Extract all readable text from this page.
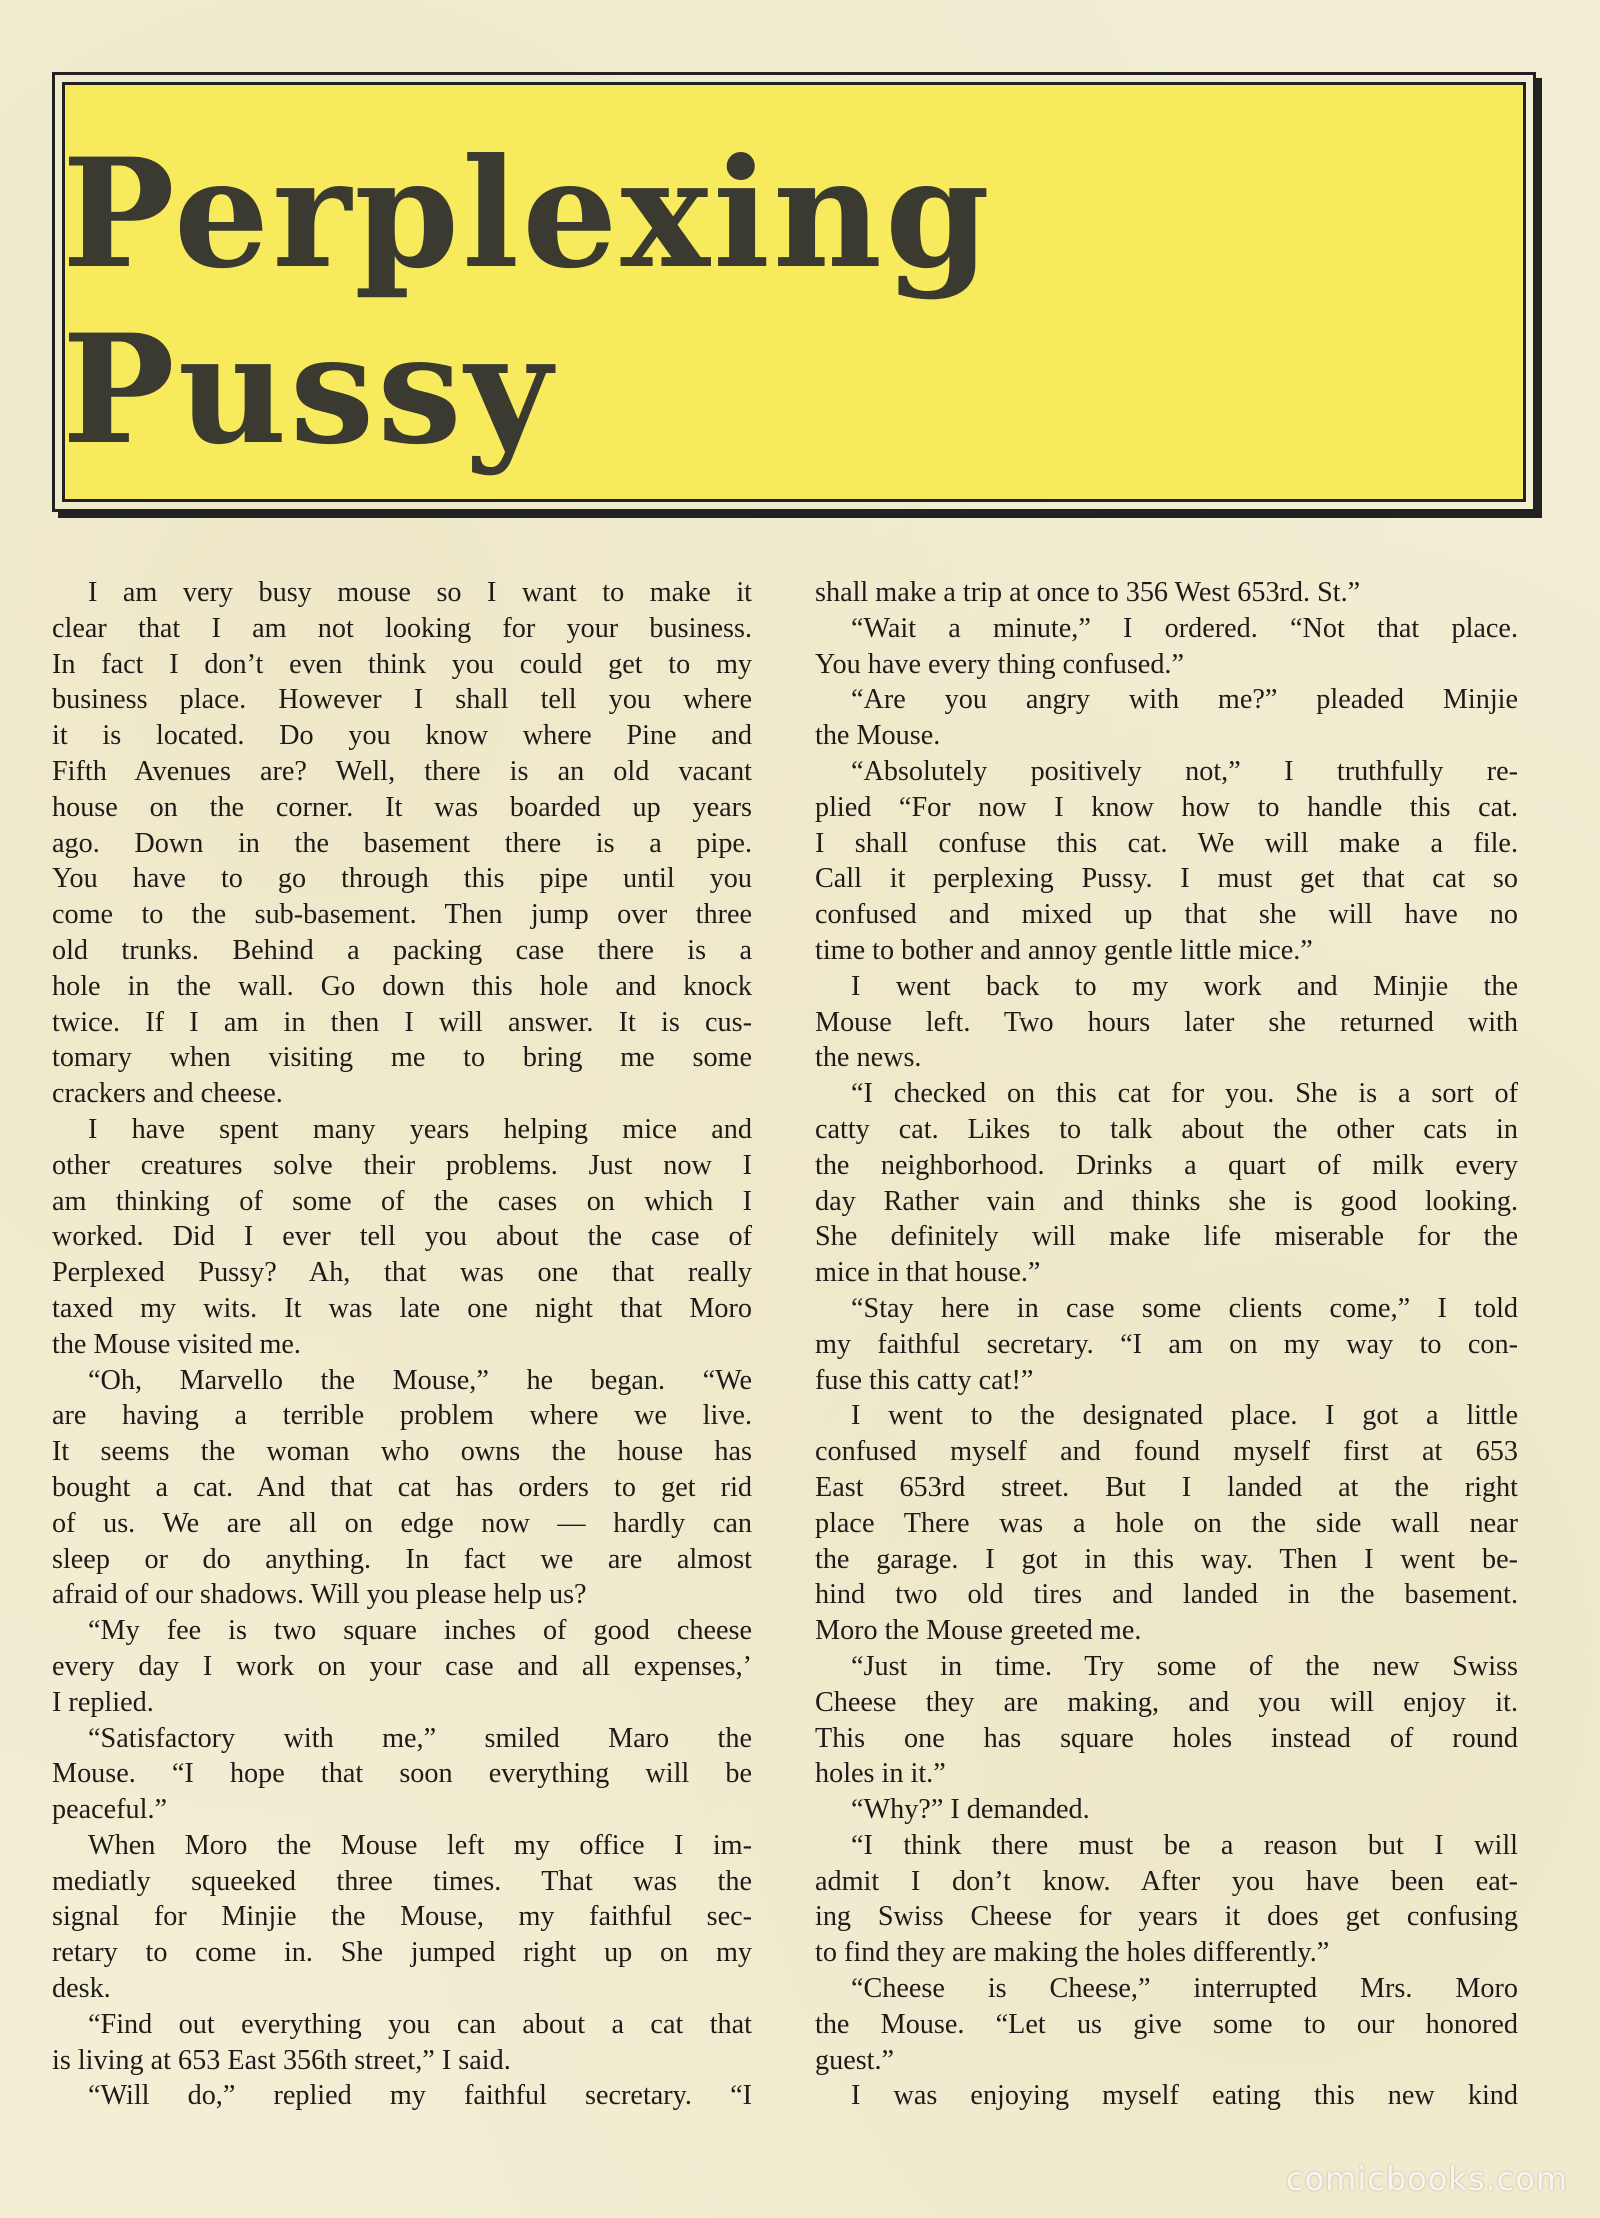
Perplexing Pussy
I am very busy mouse so I want to make it
clear that I am not looking for your business.
In fact I don’t even think you could get to my
business place. However I shall tell you where
it is located. Do you know where Pine and
Fifth Avenues are? Well, there is an old vacant
house on the corner. It was boarded up years
ago. Down in the basement there is a pipe.
You have to go through this pipe until you
come to the sub-basement. Then jump over three
old trunks. Behind a packing case there is a
hole in the wall. Go down this hole and knock
twice. If I am in then I will answer. It is cus-
tomary when visiting me to bring me some
crackers and cheese.
I have spent many years helping mice and
other creatures solve their problems. Just now I
am thinking of some of the cases on which I
worked. Did I ever tell you about the case of
Perplexed Pussy? Ah, that was one that really
taxed my wits. It was late one night that Moro
the Mouse visited me.
“Oh, Marvello the Mouse,” he began. “We
are having a terrible problem where we live.
It seems the woman who owns the house has
bought a cat. And that cat has orders to get rid
of us. We are all on edge now — hardly can
sleep or do anything. In fact we are almost
afraid of our shadows. Will you please help us?
“My fee is two square inches of good cheese
every day I work on your case and all expenses,’
I replied.
“Satisfactory with me,” smiled Maro the
Mouse. “I hope that soon everything will be
peaceful.”
When Moro the Mouse left my office I im-
mediatly squeeked three times. That was the
signal for Minjie the Mouse, my faithful sec-
retary to come in. She jumped right up on my
desk.
“Find out everything you can about a cat that
is living at 653 East 356th street,” I said.
“Will do,” replied my faithful secretary. “I
shall make a trip at once to 356 West 653rd. St.”
“Wait a minute,” I ordered. “Not that place.
You have every thing confused.”
“Are you angry with me?” pleaded Minjie
the Mouse.
“Absolutely positively not,” I truthfully re-
plied “For now I know how to handle this cat.
I shall confuse this cat. We will make a file.
Call it perplexing Pussy. I must get that cat so
confused and mixed up that she will have no
time to bother and annoy gentle little mice.”
I went back to my work and Minjie the
Mouse left. Two hours later she returned with
the news.
“I checked on this cat for you. She is a sort of
catty cat. Likes to talk about the other cats in
the neighborhood. Drinks a quart of milk every
day Rather vain and thinks she is good looking.
She definitely will make life miserable for the
mice in that house.”
“Stay here in case some clients come,” I told
my faithful secretary. “I am on my way to con-
fuse this catty cat!”
I went to the designated place. I got a little
confused myself and found myself first at 653
East 653rd street. But I landed at the right
place There was a hole on the side wall near
the garage. I got in this way. Then I went be-
hind two old tires and landed in the basement.
Moro the Mouse greeted me.
“Just in time. Try some of the new Swiss
Cheese they are making, and you will enjoy it.
This one has square holes instead of round
holes in it.”
“Why?” I demanded.
“I think there must be a reason but I will
admit I don’t know. After you have been eat-
ing Swiss Cheese for years it does get confusing
to find they are making the holes differently.”
“Cheese is Cheese,” interrupted Mrs. Moro
the Mouse. “Let us give some to our honored
guest.”
I was enjoying myself eating this new kind
comicbooks.com
